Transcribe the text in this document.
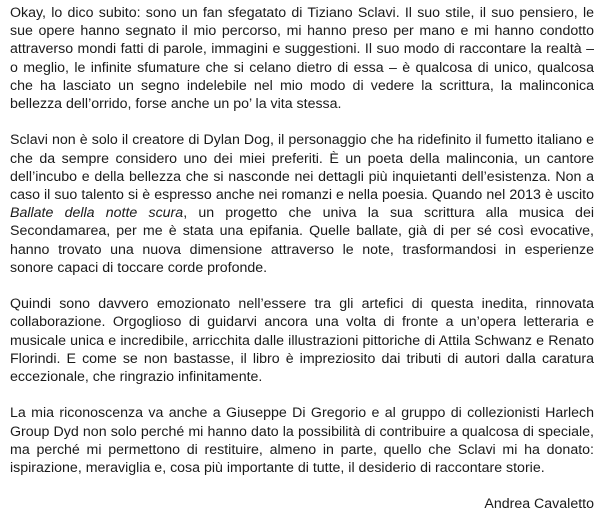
Okay, lo dico subito: sono un fan sfegatato di Tiziano Sclavi. Il suo stile, il suo pensiero, le sue opere hanno segnato il mio percorso, mi hanno preso per mano e mi hanno condotto attraverso mondi fatti di parole, immagini e suggestioni. Il suo modo di raccontare la realtà – o meglio, le infinite sfumature che si celano dietro di essa – è qualcosa di unico, qualcosa che ha lasciato un segno indelebile nel mio modo di vedere la scrittura, la malinconica bellezza dell’orrido, forse anche un po’ la vita stessa.

Sclavi non è solo il creatore di Dylan Dog, il personaggio che ha ridefinito il fumetto italiano e che da sempre considero uno dei miei preferiti. È un poeta della malinconia, un cantore dell’incubo e della bellezza che si nasconde nei dettagli più inquietanti dell’esistenza. Non a caso il suo talento si è espresso anche nei romanzi e nella poesia. Quando nel 2013 è uscito Ballate della notte scura, un progetto che univa la sua scrittura alla musica dei Secondamarea, per me è stata una epifania. Quelle ballate, già di per sé così evocative, hanno trovato una nuova dimensione attraverso le note, trasformandosi in esperienze sonore capaci di toccare corde profonde.

Quindi sono davvero emozionato nell’essere tra gli artefici di questa inedita, rinnovata collaborazione. Orgoglioso di guidarvi ancora una volta di fronte a un’opera letteraria e musicale unica e incredibile, arricchita dalle illustrazioni pittoriche di Attila Schwanz e Renato Florindi. E come se non bastasse, il libro è impreziosito dai tributi di autori dalla caratura eccezionale, che ringrazio infinitamente.

La mia riconoscenza va anche a Giuseppe Di Gregorio e al gruppo di collezionisti Harlech Group Dyd non solo perché mi hanno dato la possibilità di contribuire a qualcosa di speciale, ma perché mi permettono di restituire, almeno in parte, quello che Sclavi mi ha donato: ispirazione, meraviglia e, cosa più importante di tutte, il desiderio di raccontare storie.

Andrea Cavaletto
